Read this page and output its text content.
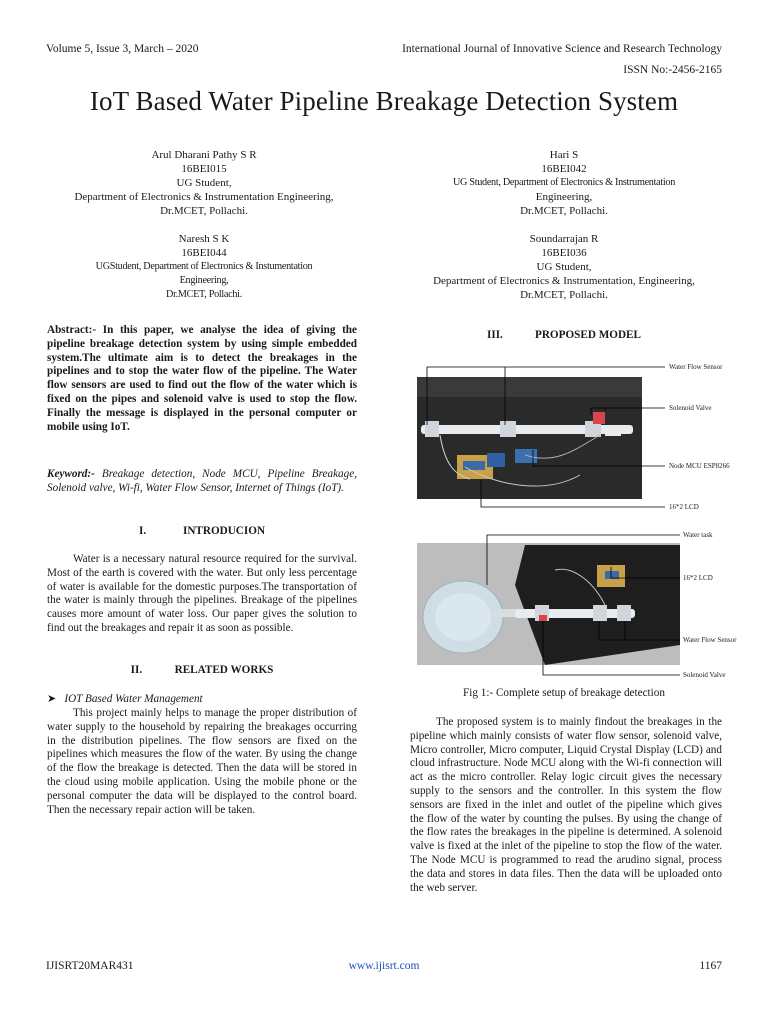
Volume 5, Issue 3, March – 2020	International Journal of Innovative Science and Research Technology
ISSN No:-2456-2165
IoT Based Water Pipeline Breakage Detection System
Arul Dharani Pathy S R
16BEI015
UG Student,
Department of Electronics & Instrumentation Engineering,
Dr.MCET, Pollachi.
Hari S
16BEI042
UG Student, Department of Electronics & Instrumentation
Engineering,
Dr.MCET, Pollachi.
Naresh S K
16BEI044
UGStudent, Department of Electronics & Instumentation
Engineering,
Dr.MCET, Pollachi.
Soundarrajan R
16BEI036
UG Student,
Department of Electronics & Instrumentation, Engineering,
Dr.MCET, Pollachi.
Abstract:- In this paper, we analyse the idea of giving the pipeline breakage detection system by using simple embedded system.The ultimate aim is to detect the breakages in the pipelines and to stop the water flow of the pipeline. The Water flow sensors are used to find out the flow of the water which is fixed on the pipes and solenoid valve is used to stop the flow. Finally the message is displayed in the personal computer or mobile using IoT.
Keyword:- Breakage detection, Node MCU, Pipeline Breakage, Solenoid valve, Wi-fi, Water Flow Sensor, Internet of Things (IoT).
I.	INTRODUCION
Water is a necessary natural resource required for the survival. Most of the earth is covered with the water. But only less percentage of water is available for the domestic purposes.The transportation of the water is mainly through the pipelines. Breakage of the pipelines causes more amount of water loss. Our paper gives the solution to find out the breakages and repair it as soon as possible.
II.	RELATED WORKS
➤ IOT Based Water Management
This project mainly helps to manage the proper distribution of water supply to the household by repairing the breakages occurring in the distribution pipelines. The flow sensors are fixed on the pipelines which measures the flow of the water. By using the change of the flow the breakage is detected. Then the data will be stored in the cloud using mobile application. Using the mobile phone or the personal computer the data will be displayed to the control board. Then the necessary repair action will be taken.
III.	PROPOSED MODEL
Water Flow Sensor
Solenoid Valve
Node MCU ESP8266
16*2 LCD
Water task
16*2 LCD
Water Flow Sensor
Solenoid Valve
Fig 1:- Complete setup of breakage detection
The proposed system is to mainly findout the breakages in the pipeline which mainly consists of water flow sensor, solenoid valve, Micro controller, Micro computer, Liquid Crystal Display (LCD) and cloud infrastructure. Node MCU along with the Wi-fi connection will act as the micro controller. Relay logic circuit gives the necessary supply to the sensors and the controller. In this system the flow sensors are fixed in the inlet and outlet of the pipeline which gives the flow of the water by counting the pulses. By using the change of the flow rates the breakages in the pipeline is determined. A solenoid valve is fixed at the inlet of the pipeline to stop the flow of the water. The Node MCU is programmed to read the arudino signal, process the data and stores in data files. Then the data will be uploaded onto the web server.
IJISRT20MAR431	www.ijisrt.com	1167
